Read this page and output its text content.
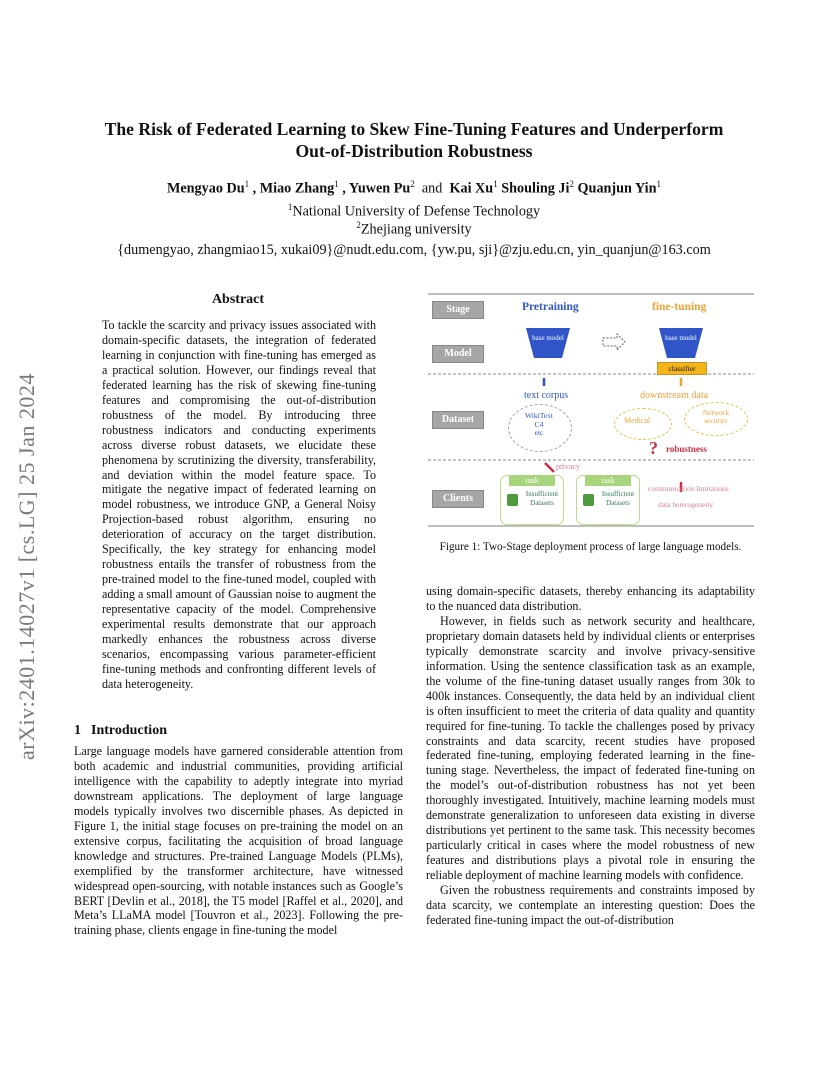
The Risk of Federated Learning to Skew Fine-Tuning Features and Underperform
Out-of-Distribution Robustness
Mengyao Du$^1$ , Miao Zhang$^1$ , Yuwen Pu$^2$  and  Kai Xu$^1$ Shouling Ji$^2$ Quanjun Yin$^1$
$^1$National University of Defense Technology
$^2$Zhejiang university
{dumengyao, zhangmiao15, xukai09}@nudt.edu.com, {yw.pu, sji}@zju.edu.cn, yin_quanjun@163.com
arXiv:2401.14027v1 [cs.LG] 25 Jan 2024
Abstract
To tackle the scarcity and privacy issues associated with domain-specific datasets, the integration of federated learning in conjunction with fine-tuning has emerged as a practical solution. However, our findings reveal that federated learning has the risk of skewing fine-tuning features and compromising the out-of-distribution robustness of the model. By introducing three robustness indicators and conducting experiments across diverse robust datasets, we elucidate these phenomena by scrutinizing the diversity, transferability, and deviation within the model feature space. To mitigate the negative impact of federated learning on model robustness, we introduce GNP, a General Noisy Projection-based robust algorithm, ensuring no deterioration of accuracy on the target distribution. Specifically, the key strategy for enhancing model robustness entails the transfer of robustness from the pre-trained model to the fine-tuned model, coupled with adding a small amount of Gaussian noise to augment the representative capacity of the model. Comprehensive experimental results demonstrate that our approach markedly enhances the robustness across diverse scenarios, encompassing various parameter-efficient fine-tuning methods and confronting different levels of data heterogeneity.
1 Introduction
Large language models have garnered considerable attention from both academic and industrial communities, providing artificial intelligence with the capability to adeptly integrate into myriad downstream applications. The deployment of large language models typically involves two discernible phases. As depicted in Figure 1, the initial stage focuses on pre-training the model on an extensive corpus, facilitating the acquisition of broad language knowledge and structures. Pre-trained Language Models (PLMs), exemplified by the transformer architecture, have witnessed widespread open-sourcing, with notable instances such as Google’s BERT [Devlin et al., 2018], the T5 model [Raffel et al., 2020], and Meta’s LLaMA model [Touvron et al., 2023]. Following the pre-training phase, clients engage in fine-tuning the model
Stage
Model
Dataset
Clients
Pretraining	fine-tuning
base model	base model
classifier
text corpus	downstream data
WikiText
C4
etc
Medical
Network security
? robustness
privacy
task
Insufficient Datasets
task
Insufficient Datasets
communication limitations
data heterogeneity
Figure 1: Two-Stage deployment process of large language models.

using domain-specific datasets, thereby enhancing its adaptability to the nuanced data distribution.

However, in fields such as network security and healthcare, proprietary domain datasets held by individual clients or enterprises typically demonstrate scarcity and involve privacy-sensitive information. Using the sentence classification task as an example, the volume of the fine-tuning dataset usually ranges from 30k to 400k instances. Consequently, the data held by an individual client is often insufficient to meet the criteria of data quality and quantity required for fine-tuning. To tackle the challenges posed by privacy constraints and data scarcity, recent studies have proposed federated fine-tuning, employing federated learning in the fine-tuning stage. Nevertheless, the impact of federated fine-tuning on the model’s out-of-distribution robustness has not yet been thoroughly investigated. Intuitively, machine learning models must demonstrate generalization to unforeseen data existing in diverse distributions yet pertinent to the same task. This necessity becomes particularly critical in cases where the model robustness of new features and distributions plays a pivotal role in ensuring the reliable deployment of machine learning models with confidence.

Given the robustness requirements and constraints imposed by data scarcity, we contemplate an interesting question: Does the federated fine-tuning impact the out-of-distribution
